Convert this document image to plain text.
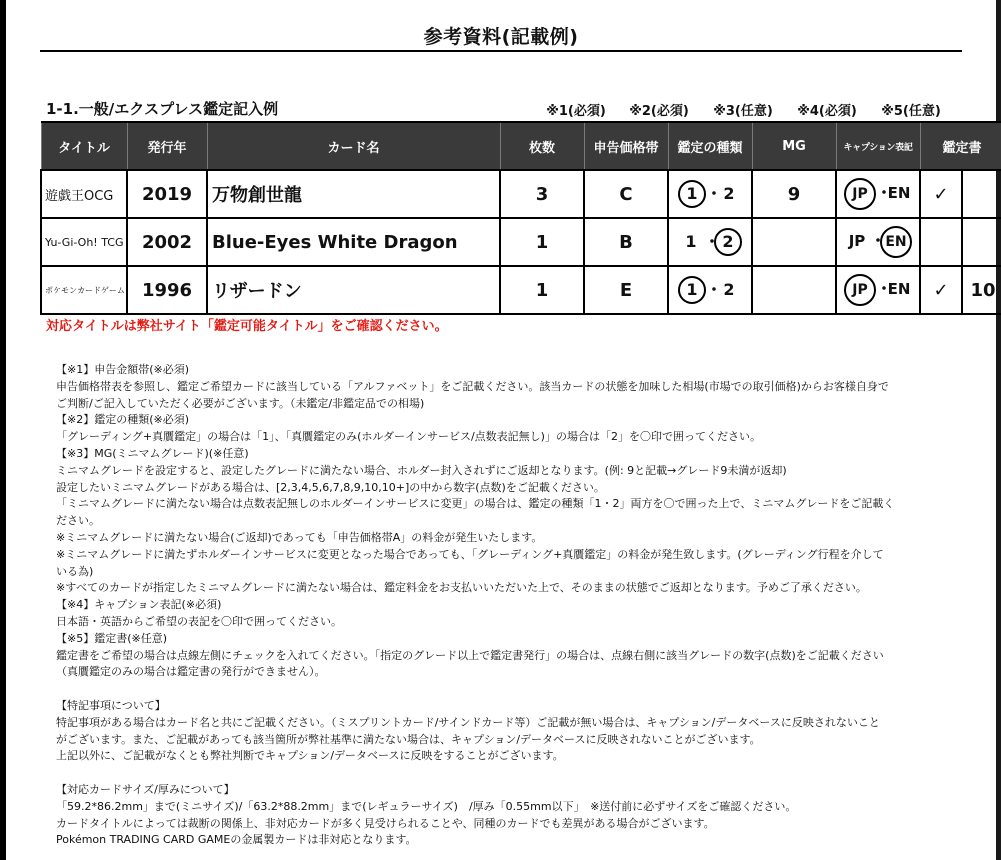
参考資料(記載例)
1-1.一般/エクスプレス鑑定記入例	※1(必須)	※2(必須)	※3(任意)	※4(必須)	※5(任意)
タイトル	発行年	カード名	枚数	申告価格帯	鑑定の種類	MG	キャプション表記	鑑定書	
遊戯王OCG	2019	万物創世龍	3	C	1 ・2	9	JP ・EN	✓	
Yu-Gi-Oh! TCG	2002	Blue-Eyes White Dragon	1	B	1 ・ 2		JP ・EN		
ポケモンカードゲーム	1996	リザードン	1	E	1 ・2		JP ・EN	✓	10
対応タイトルは弊社サイト「鑑定可能タイトル」をご確認ください。
【※1】申告金額帯(※必須)
申告価格帯表を参照し、鑑定ご希望カードに該当している「アルファベット」をご記載ください。該当カードの状態を加味した相場(市場での取引価格)からお客様自身で
ご判断/ご記入していただく必要がございます。（未鑑定/非鑑定品での相場)
【※2】鑑定の種類(※必須)
「グレーディング+真贋鑑定」の場合は「1」、「真贋鑑定のみ(ホルダーインサービス/点数表記無し)」の場合は「2」を〇印で囲ってください。
【※3】MG(ミニマムグレード)(※任意)
ミニマムグレードを設定すると、設定したグレードに満たない場合、ホルダー封入されずにご返却となります。(例: 9と記載→グレード9未満が返却)
設定したいミニマムグレードがある場合は、[2,3,4,5,6,7,8,9,10,10+]の中から数字(点数)をご記載ください。
「ミニマムグレードに満たない場合は点数表記無しのホルダーインサービスに変更」の場合は、鑑定の種類「1・2」両方を〇で囲った上で、ミニマムグレードをご記載く
ださい。
※ミニマムグレードに満たない場合(ご返却)であっても「申告価格帯A」の料金が発生いたします。
※ミニマムグレードに満たずホルダーインサービスに変更となった場合であっても、「グレーディング+真贋鑑定」の料金が発生致します。(グレーディング行程を介して
いる為)
※すべてのカードが指定したミニマムグレードに満たない場合は、鑑定料金をお支払いいただいた上で、そのままの状態でご返却となります。予めご了承ください。
【※4】キャプション表記(※必須)
日本語・英語からご希望の表記を〇印で囲ってください。
【※5】鑑定書(※任意)
鑑定書をご希望の場合は点線左側にチェックを入れてください。「指定のグレード以上で鑑定書発行」の場合は、点線右側に該当グレードの数字(点数)をご記載ください
（真贋鑑定のみの場合は鑑定書の発行ができません）。

【特記事項について】
特記事項がある場合はカード名と共にご記載ください。（ミスプリントカード/サインドカード等）ご記載が無い場合は、キャプション/データベースに反映されないこと
がございます。また、ご記載があっても該当箇所が弊社基準に満たない場合は、キャプション/データベースに反映されないことがございます。
上記以外に、ご記載がなくとも弊社判断でキャプション/データベースに反映をすることがございます。

【対応カードサイズ/厚みについて】
「59.2*86.2mm」まで(ミニサイズ)/「63.2*88.2mm」まで(レギュラーサイズ)　/厚み「0.55mm以下」　※送付前に必ずサイズをご確認ください。
カードタイトルによっては裁断の関係上、非対応カードが多く見受けられることや、同種のカードでも差異がある場合がございます。
Pokémon TRADING CARD GAMEの金属製カードは非対応となります。
